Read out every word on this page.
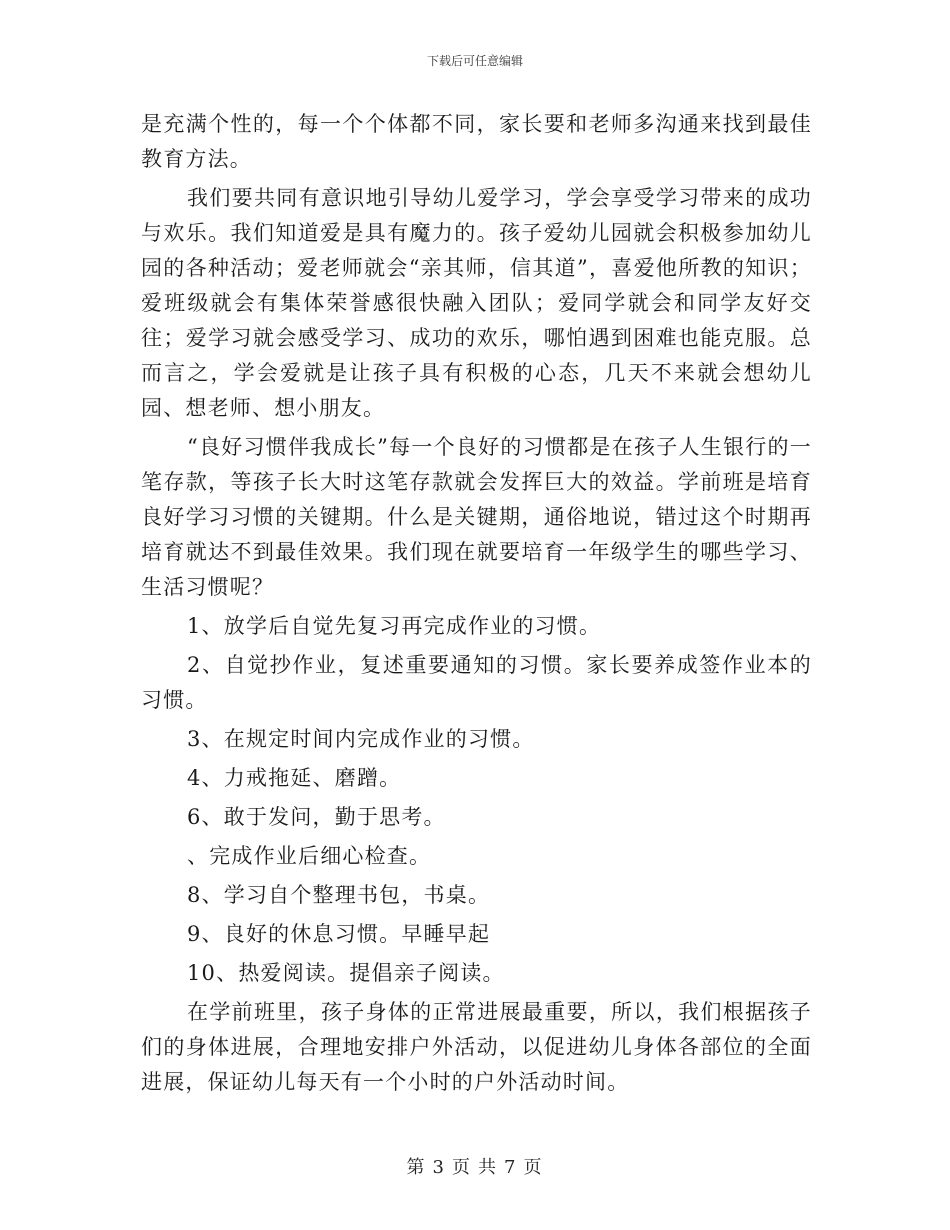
下载后可任意编辑

是充满个性的，每一个个体都不同，家长要和老师多沟通来找到最佳教育方法。

我们要共同有意识地引导幼儿爱学习，学会享受学习带来的成功与欢乐。我们知道爱是具有魔力的。孩子爱幼儿园就会积极参加幼儿园的各种活动；爱老师就会“亲其师，信其道”，喜爱他所教的知识；爱班级就会有集体荣誉感很快融入团队；爱同学就会和同学友好交往；爱学习就会感受学习、成功的欢乐，哪怕遇到困难也能克服。总而言之，学会爱就是让孩子具有积极的心态，几天不来就会想幼儿园、想老师、想小朋友。

“良好习惯伴我成长”每一个良好的习惯都是在孩子人生银行的一笔存款，等孩子长大时这笔存款就会发挥巨大的效益。学前班是培育良好学习习惯的关键期。什么是关键期，通俗地说，错过这个时期再培育就达不到最佳效果。我们现在就要培育一年级学生的哪些学习、生活习惯呢？

1、放学后自觉先复习再完成作业的习惯。

2、自觉抄作业，复述重要通知的习惯。家长要养成签作业本的习惯。

3、在规定时间内完成作业的习惯。

4、力戒拖延、磨蹭。

6、敢于发问，勤于思考。

、完成作业后细心检查。

8、学习自个整理书包，书桌。

9、良好的休息习惯。早睡早起

10、热爱阅读。提倡亲子阅读。

在学前班里，孩子身体的正常进展最重要，所以，我们根据孩子们的身体进展，合理地安排户外活动，以促进幼儿身体各部位的全面进展，保证幼儿每天有一个小时的户外活动时间。

第 3 页 共 7 页
